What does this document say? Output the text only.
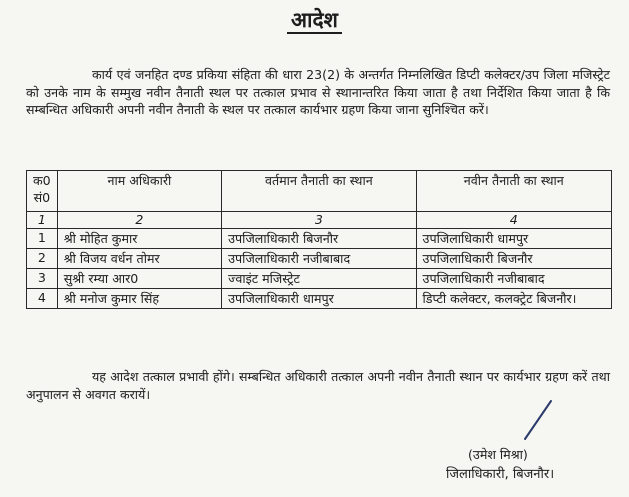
आदेश
कार्य एवं जनहित दण्ड प्रकिया संहिता की धारा 23(2) के अन्तर्गत निम्नलिखित डिप्टी कलेक्टर/उप जिला मजिस्ट्रेट को उनके नाम के सम्मुख नवीन तैनाती स्थल पर तत्काल प्रभाव से स्थानान्तरित किया जाता है तथा निर्देशित किया जाता है कि सम्बन्धित अधिकारी अपनी नवीन तैनाती के स्थल पर तत्काल कार्यभार ग्रहण किया जाना सुनिश्चित करें।
क0 सं0	नाम अधिकारी	वर्तमान तैनाती का स्थान	नवीन तैनाती का स्थान
1	2	3	4
1	श्री मोहित कुमार	उपजिलाधिकारी बिजनौर	उपजिलाधिकारी धामपुर
2	श्री विजय वर्धन तोमर	उपजिलाधिकारी नजीबाबाद	उपजिलाधिकारी बिजनौर
3	सुश्री रम्या आर0	ज्वाइंट मजिस्ट्रेट	उपजिलाधिकारी नजीबाबाद
4	श्री मनोज कुमार सिंह	उपजिलाधिकारी धामपुर	डिप्टी कलेक्टर, कलक्ट्रेट बिजनौर।
यह आदेश तत्काल प्रभावी होंगे। सम्बन्धित अधिकारी तत्काल अपनी नवीन तैनाती स्थान पर कार्यभार ग्रहण करें तथा अनुपालन से अवगत करायें।
(उमेश मिश्रा)
जिलाधिकारी, बिजनौर।
